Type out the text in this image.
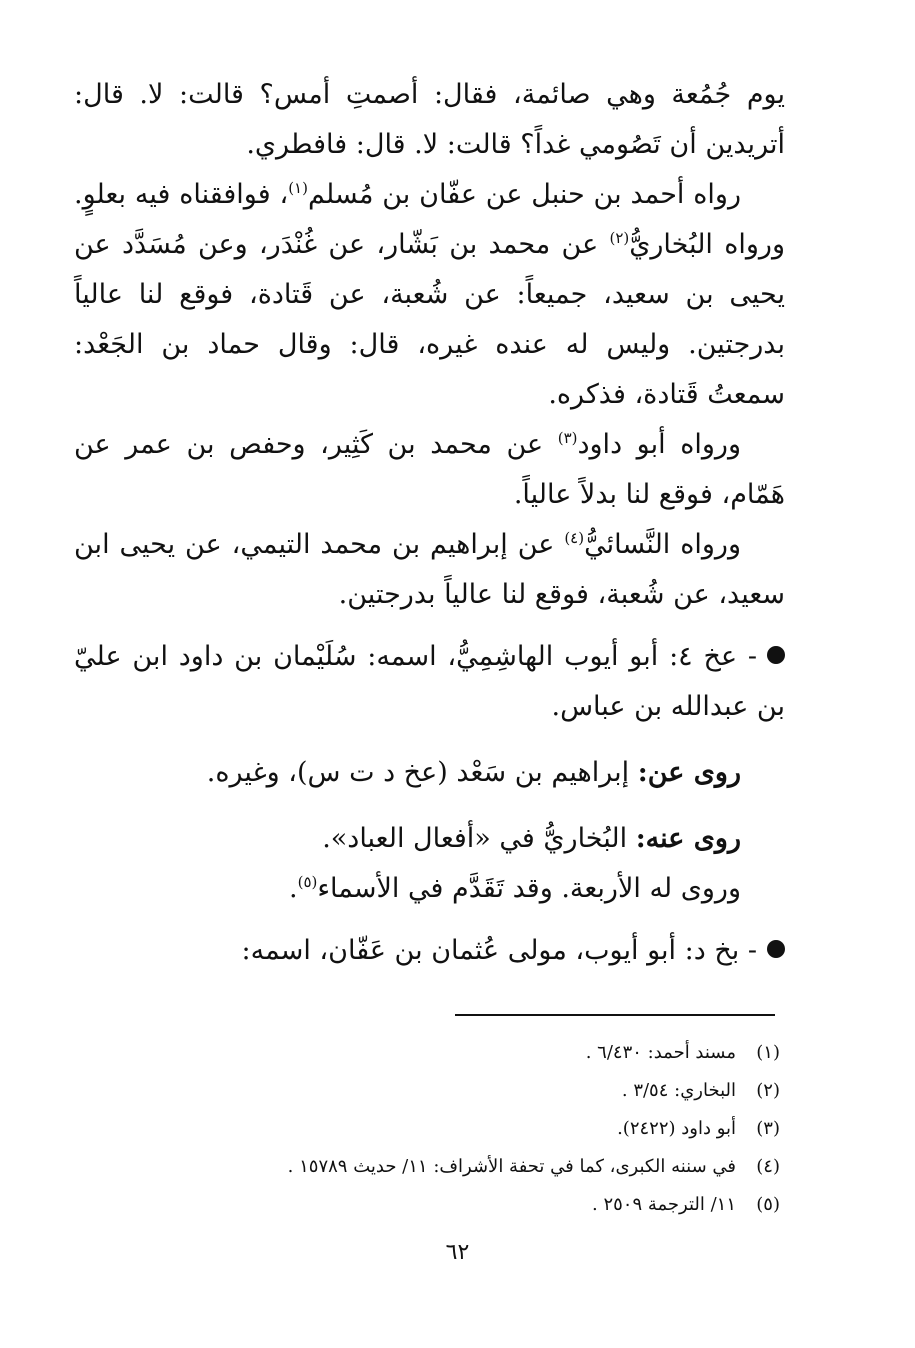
يوم جُمُعة وهي صائمة، فقال: أصمتِ أمس؟ قالت: لا. قال: أتريدين أن تَصُومي غداً؟ قالت: لا. قال: فافطري.

رواه أحمد بن حنبل عن عفّان بن مُسلم$^{(١)}$، فوافقناه فيه بعلوٍ. ورواه البُخاريُّ$^{(٢)}$ عن محمد بن بَشّار، عن غُنْدَر، وعن مُسَدَّد عن يحيى بن سعيد، جميعاً: عن شُعبة، عن قَتادة، فوقع لنا عالياً بدرجتين. وليس له عنده غيره، قال: وقال حماد بن الجَعْد: سمعتُ قَتادة، فذكره.

ورواه أبو داود$^{(٣)}$ عن محمد بن كَثِير، وحفص بن عمر عن هَمّام، فوقع لنا بدلاً عالياً.

ورواه النَّسائيُّ$^{(٤)}$ عن إبراهيم بن محمد التيمي، عن يحيى ابن سعيد، عن شُعبة، فوقع لنا عالياً بدرجتين.

- عخ ٤: أبو أيوب الهاشِمِيُّ، اسمه: سُلَيْمان بن داود ابن عليّ بن عبدالله بن عباس.

روى عن: إبراهيم بن سَعْد (عخ د ت س)، وغيره.

روى عنه: البُخاريُّ في «أفعال العباد».

وروى له الأربعة. وقد تَقَدَّم في الأسماء$^{(٥)}$.

- بخ د: أبو أيوب، مولى عُثمان بن عَفّان، اسمه:

(١)مسند أحمد: ٦/٤٣٠ .
(٢)البخاري: ٣/٥٤ .
(٣)أبو داود (٢٤٢٢).
(٤)في سننه الكبرى، كما في تحفة الأشراف: ١١/ حديث ١٥٧٨٩ .
(٥)١١/ الترجمة ٢٥٠٩ .
٦٢
